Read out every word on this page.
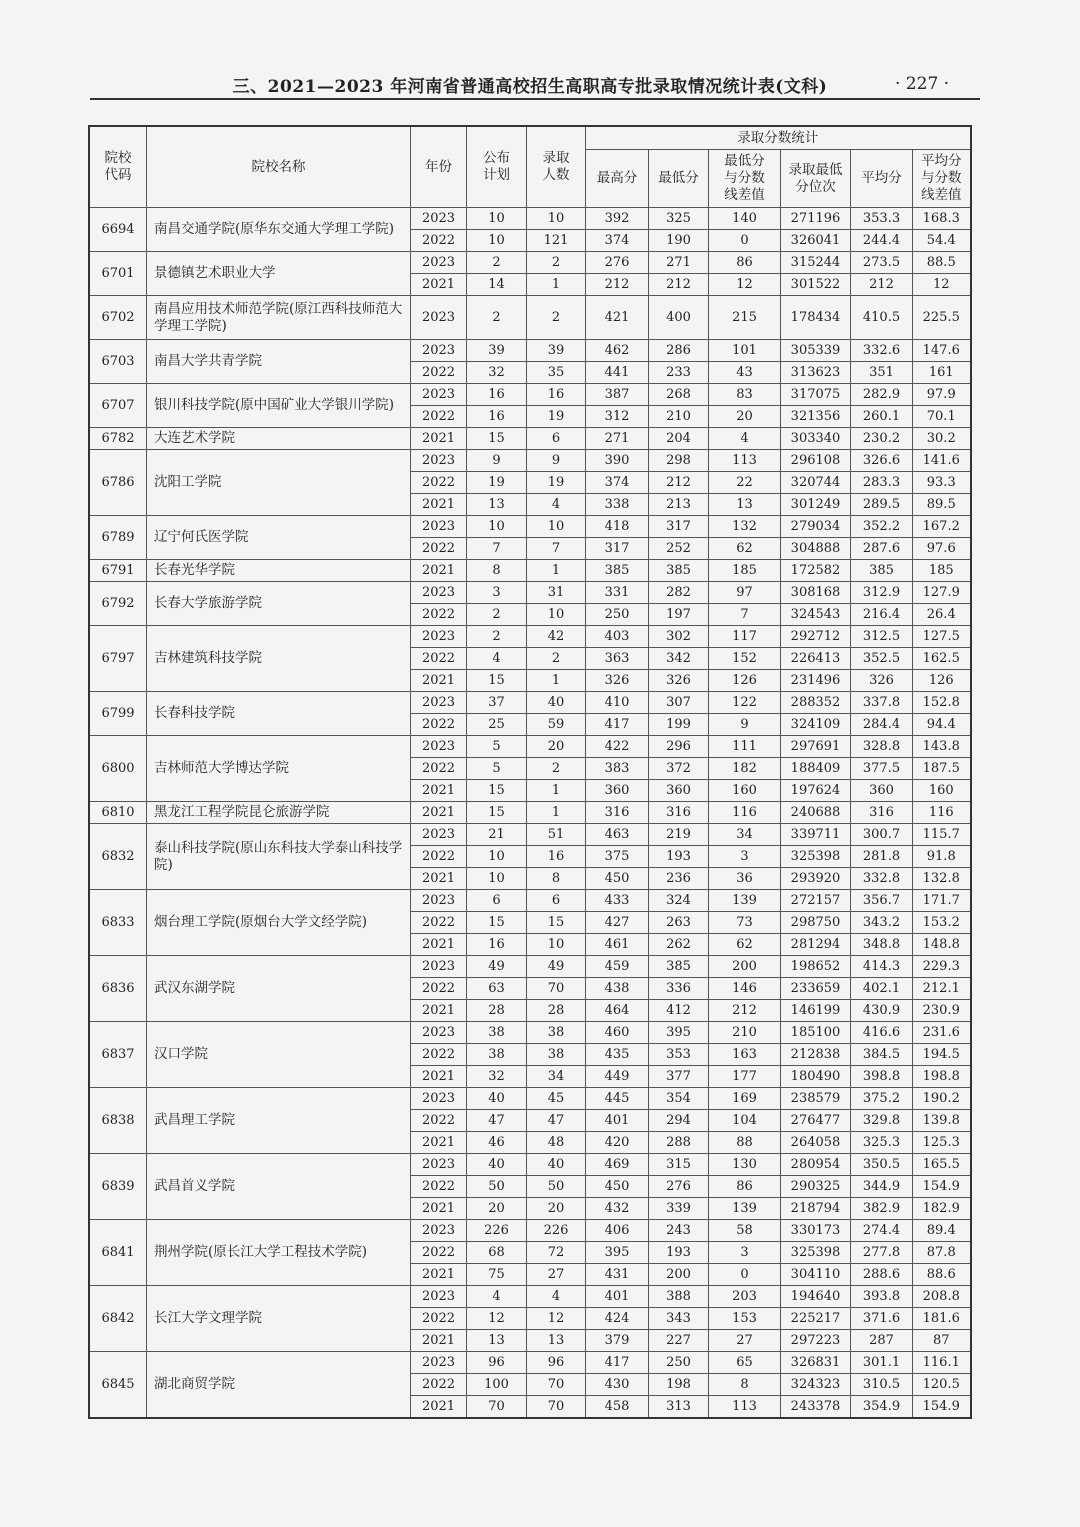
三、2021—2023 年河南省普通高校招生高职高专批录取情况统计表(文科)	· 227 ·
院校代码	院校名称	年份	公布计划	录取人数	录取分数统计					
					最高分	最低分	最低分与分数线差值	录取最低分位次	平均分	平均分与分数线差值
6694	南昌交通学院(原华东交通大学理工学院)	2023	10	10	392	325	140	271196	353.3	168.3
		2022	10	121	374	190	0	326041	244.4	54.4
6701	景德镇艺术职业大学	2023	2	2	276	271	86	315244	273.5	88.5
		2021	14	1	212	212	12	301522	212	12
6702	南昌应用技术师范学院(原江西科技师范大学理工学院)	2023	2	2	421	400	215	178434	410.5	225.5
6703	南昌大学共青学院	2023	39	39	462	286	101	305339	332.6	147.6
		2022	32	35	441	233	43	313623	351	161
6707	银川科技学院(原中国矿业大学银川学院)	2023	16	16	387	268	83	317075	282.9	97.9
		2022	16	19	312	210	20	321356	260.1	70.1
6782	大连艺术学院	2021	15	6	271	204	4	303340	230.2	30.2
6786	沈阳工学院	2023	9	9	390	298	113	296108	326.6	141.6
		2022	19	19	374	212	22	320744	283.3	93.3
		2021	13	4	338	213	13	301249	289.5	89.5
6789	辽宁何氏医学院	2023	10	10	418	317	132	279034	352.2	167.2
		2022	7	7	317	252	62	304888	287.6	97.6
6791	长春光华学院	2021	8	1	385	385	185	172582	385	185
6792	长春大学旅游学院	2023	3	31	331	282	97	308168	312.9	127.9
		2022	2	10	250	197	7	324543	216.4	26.4
6797	吉林建筑科技学院	2023	2	42	403	302	117	292712	312.5	127.5
		2022	4	2	363	342	152	226413	352.5	162.5
		2021	15	1	326	326	126	231496	326	126
6799	长春科技学院	2023	37	40	410	307	122	288352	337.8	152.8
		2022	25	59	417	199	9	324109	284.4	94.4
6800	吉林师范大学博达学院	2023	5	20	422	296	111	297691	328.8	143.8
		2022	5	2	383	372	182	188409	377.5	187.5
		2021	15	1	360	360	160	197624	360	160
6810	黑龙江工程学院昆仑旅游学院	2021	15	1	316	316	116	240688	316	116
6832	泰山科技学院(原山东科技大学泰山科技学院)	2023	21	51	463	219	34	339711	300.7	115.7
		2022	10	16	375	193	3	325398	281.8	91.8
		2021	10	8	450	236	36	293920	332.8	132.8
6833	烟台理工学院(原烟台大学文经学院)	2023	6	6	433	324	139	272157	356.7	171.7
		2022	15	15	427	263	73	298750	343.2	153.2
		2021	16	10	461	262	62	281294	348.8	148.8
6836	武汉东湖学院	2023	49	49	459	385	200	198652	414.3	229.3
		2022	63	70	438	336	146	233659	402.1	212.1
		2021	28	28	464	412	212	146199	430.9	230.9
6837	汉口学院	2023	38	38	460	395	210	185100	416.6	231.6
		2022	38	38	435	353	163	212838	384.5	194.5
		2021	32	34	449	377	177	180490	398.8	198.8
6838	武昌理工学院	2023	40	45	445	354	169	238579	375.2	190.2
		2022	47	47	401	294	104	276477	329.8	139.8
		2021	46	48	420	288	88	264058	325.3	125.3
6839	武昌首义学院	2023	40	40	469	315	130	280954	350.5	165.5
		2022	50	50	450	276	86	290325	344.9	154.9
		2021	20	20	432	339	139	218794	382.9	182.9
6841	荆州学院(原长江大学工程技术学院)	2023	226	226	406	243	58	330173	274.4	89.4
		2022	68	72	395	193	3	325398	277.8	87.8
		2021	75	27	431	200	0	304110	288.6	88.6
6842	长江大学文理学院	2023	4	4	401	388	203	194640	393.8	208.8
		2022	12	12	424	343	153	225217	371.6	181.6
		2021	13	13	379	227	27	297223	287	87
6845	湖北商贸学院	2023	96	96	417	250	65	326831	301.1	116.1
		2022	100	70	430	198	8	324323	310.5	120.5
		2021	70	70	458	313	113	243378	354.9	154.9
